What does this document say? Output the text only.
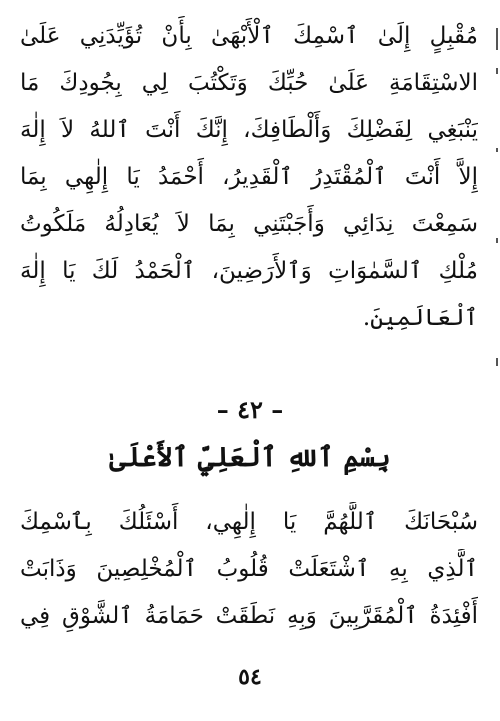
مُقْبِلٍ إِلَىٰ ٱسْمِكَ ٱلْأَبْهَىٰ بِأَنْ تُؤَيِّدَنِي عَلَىٰ
الاسْتِقَامَةِ عَلَىٰ حُبِّكَ وَتَكْتُبَ لِي بِجُودِكَ مَا
يَنْبَغِي لِفَضْلِكَ وَأَلْطَافِكَ، إِنَّكَ أَنْتَ ٱللهُ لاَ إِلٰهَ
إِلاَّ أَنْتَ ٱلْمُقْتَدِرُ ٱلْقَدِيرُ، أَحْمَدُ يَا إِلٰهِي بِمَا
سَمِعْتَ نِدَائِي وَأَجَبْتَنِي بِمَا لاَ يُعَادِلُهُ مَلَكُوتُ
مُلْكِ ٱلسَّمٰوَاتِ وَٱلأَرَضِينَ، ٱلْحَمْدُ لَكَ يَا إِلٰهَ
ٱلْعَالَمِينَ.
– ٤٢ –
بِسْمِ ٱللهِ ٱلْعَلِيِّ ٱلأَعْلَىٰ
سُبْحَانَكَ ٱللَّهُمَّ يَا إِلٰهِي، أَسْئَلُكَ بِٱسْمِكَ
ٱلَّذِي بِهِ ٱشْتَعَلَتْ قُلُوبُ ٱلْمُخْلِصِينَ وَذَابَتْ
أَفْئِدَةُ ٱلْمُقَرَّبِينَ وَبِهِ نَطَقَتْ حَمَامَةُ ٱلشَّوْقِ فِي
٥٤
